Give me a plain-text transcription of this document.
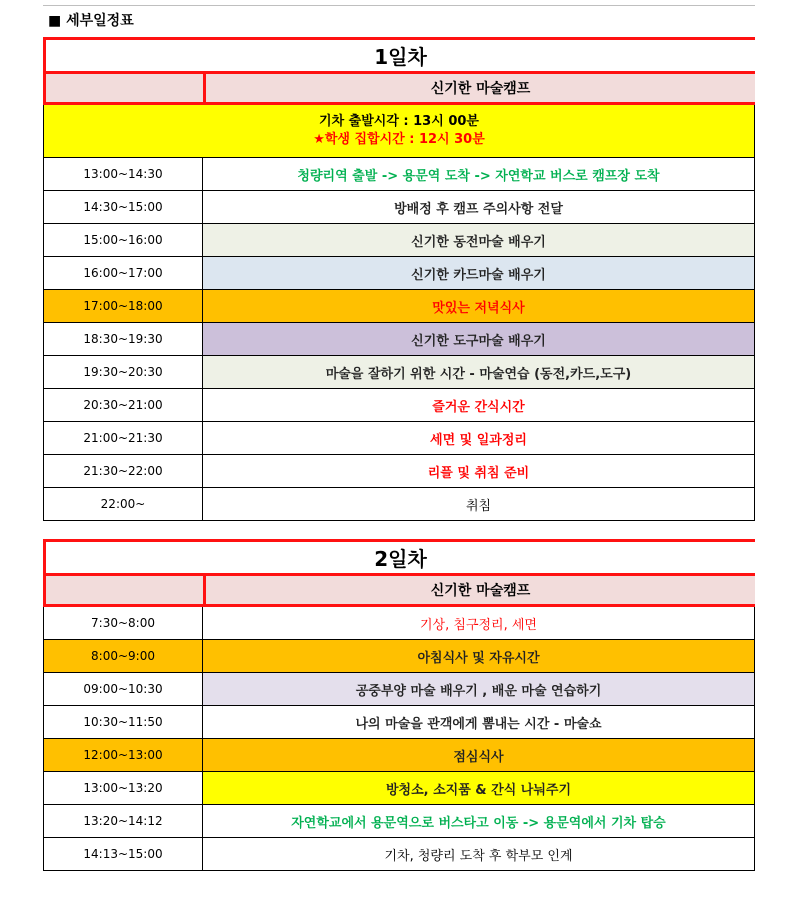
■ 세부일정표
1일차
신기한 마술캠프
기차 출발시각 : 13시 00분
★학생 집합시간 : 12시 30분
13:00~14:30	청량리역 출발 -> 용문역 도착 -> 자연학교 버스로 캠프장 도착
14:30~15:00	방배정 후 캠프 주의사항 전달
15:00~16:00	신기한 동전마술 배우기
16:00~17:00	신기한 카드마술 배우기
17:00~18:00	맛있는 저녁식사
18:30~19:30	신기한 도구마술 배우기
19:30~20:30	마술을 잘하기 위한 시간 - 마술연습 (동전,카드,도구)
20:30~21:00	즐거운 간식시간
21:00~21:30	세면 및 일과정리
21:30~22:00	리플 및 취침 준비
22:00~	취침
2일차
신기한 마술캠프
7:30~8:00	기상, 침구정리, 세면
8:00~9:00	아침식사 및 자유시간
09:00~10:30	공중부양 마술 배우기 , 배운 마술 연습하기
10:30~11:50	나의 마술을 관객에게 뽐내는 시간 - 마술쇼
12:00~13:00	점심식사
13:00~13:20	방청소, 소지품 & 간식 나눠주기
13:20~14:12	자연학교에서 용문역으로 버스타고 이동 -> 용문역에서 기차 탑승
14:13~15:00	기차, 청량리 도착 후 학부모 인계
